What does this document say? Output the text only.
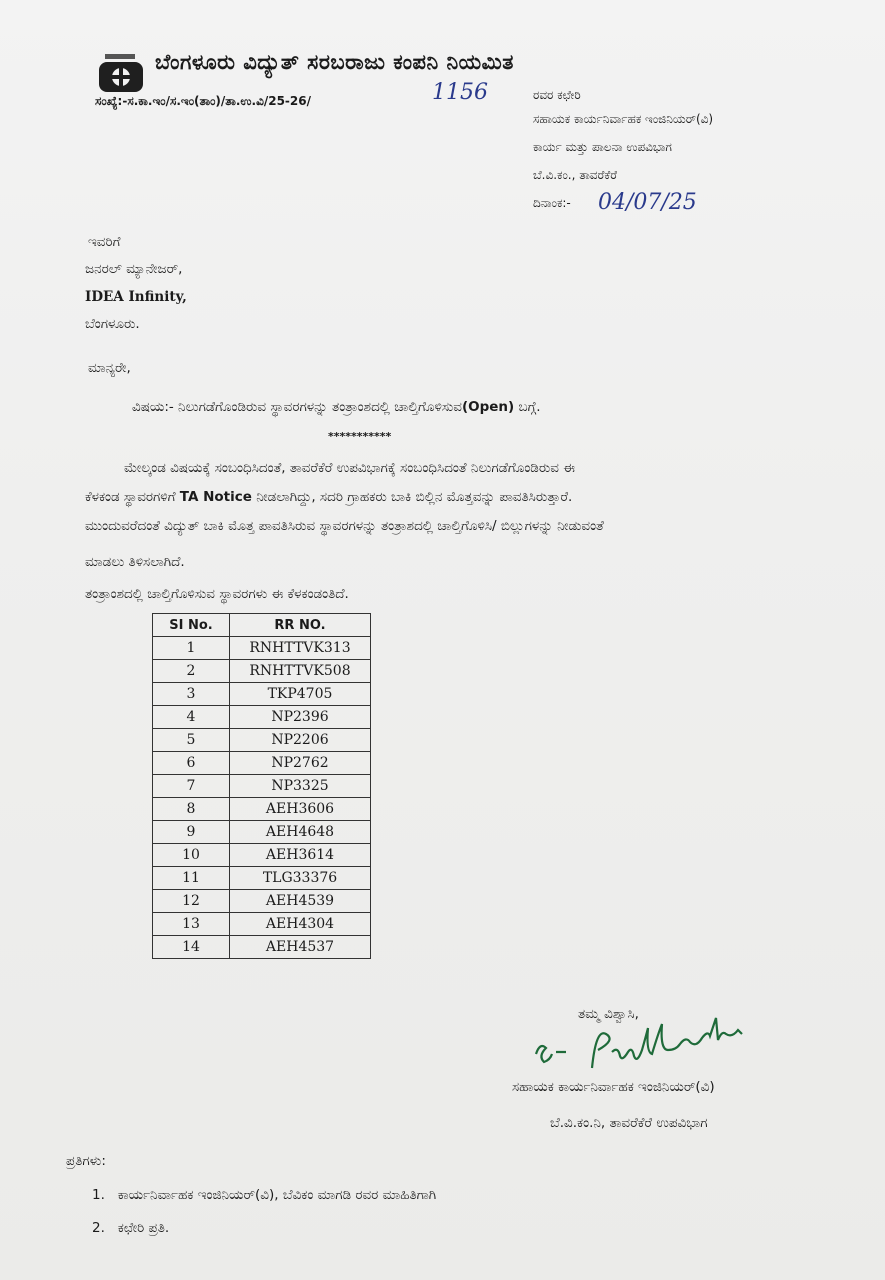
ಬೆಂಗಳೂರು ವಿದ್ಯುತ್ ಸರಬರಾಜು ಕಂಪನಿ ನಿಯಮಿತ
ಸಂಖ್ಯೆ:-ಸ.ಕಾ.ಇಂ/ಸ.ಇಂ(ತಾಂ)/ತಾ.ಉ.ವಿ/25-26/	1156	ರವರ ಕಛೇರಿ
ಸಹಾಯಕ ಕಾರ್ಯನಿರ್ವಾಹಕ ಇಂಜಿನಿಯರ್(ವಿ)
ಕಾರ್ಯ ಮತ್ತು ಪಾಲನಾ ಉಪವಿಭಾಗ
ಬೆ.ವಿ.ಕಂ., ತಾವರೆಕೆರೆ
ದಿನಾಂಕ:- 04/07/25
ಇವರಿಗೆ
ಜನರಲ್ ಮ್ಯಾನೇಜರ್,
IDEA Infinity,
ಬೆಂಗಳೂರು.
ಮಾನ್ಯರೇ,
ವಿಷಯ:- ನಿಲುಗಡೆಗೊಂಡಿರುವ ಸ್ಥಾವರಗಳನ್ನು ತಂತ್ರಾಂಶದಲ್ಲಿ ಚಾಲ್ತಿಗೊಳಿಸುವ(Open) ಬಗ್ಗೆ.
***********
ಮೇಲ್ಕಂಡ ವಿಷಯಕ್ಕೆ ಸಂಬಂಧಿಸಿದಂತೆ, ತಾವರೆಕೆರೆ ಉಪವಿಭಾಗಕ್ಕೆ ಸಂಬಂಧಿಸಿದಂತೆ ನಿಲುಗಡೆಗೊಂಡಿರುವ ಈ
ಕೆಳಕಂಡ ಸ್ಥಾವರಗಳಿಗೆ TA Notice ನೀಡಲಾಗಿದ್ದು, ಸದರಿ ಗ್ರಾಹಕರು ಬಾಕಿ ಬಿಲ್ಲಿನ ಮೊತ್ತವನ್ನು ಪಾವತಿಸಿರುತ್ತಾರೆ.
ಮುಂದುವರೆದಂತೆ ವಿದ್ಯುತ್ ಬಾಕಿ ಮೊತ್ತ ಪಾವತಿಸಿರುವ ಸ್ಥಾವರಗಳನ್ನು ತಂತ್ರಾಶದಲ್ಲಿ ಚಾಲ್ತಿಗೊಳಿಸಿ/ ಬಿಲ್ಲುಗಳನ್ನು ನೀಡುವಂತೆ
ಮಾಡಲು ತಿಳಿಸಲಾಗಿದೆ.
ತಂತ್ರಾಂಶದಲ್ಲಿ ಚಾಲ್ತಿಗೊಳಿಸುವ ಸ್ಥಾವರಗಳು ಈ ಕೆಳಕಂಡಂತಿದೆ.
SI No.	RR NO.
1	RNHTTVK313
2	RNHTTVK508
3	TKP4705
4	NP2396
5	NP2206
6	NP2762
7	NP3325
8	AEH3606
9	AEH4648
10	AEH3614
11	TLG33376
12	AEH4539
13	AEH4304
14	AEH4537
ತಮ್ಮ ವಿಶ್ವಾಸಿ,
ಸಹಾಯಕ ಕಾರ್ಯನಿರ್ವಾಹಕ ಇಂಜಿನಿಯರ್(ವಿ)
ಬೆ.ವಿ.ಕಂ.ನಿ, ತಾವರೆಕೆರೆ ಉಪವಿಭಾಗ
ಪ್ರತಿಗಳು:
1. ಕಾರ್ಯನಿರ್ವಾಹಕ ಇಂಜಿನಿಯರ್(ವಿ), ಬೆವಿಕಂ ಮಾಗಡಿ ರವರ ಮಾಹಿತಿಗಾಗಿ
2. ಕಛೇರಿ ಪ್ರತಿ.
